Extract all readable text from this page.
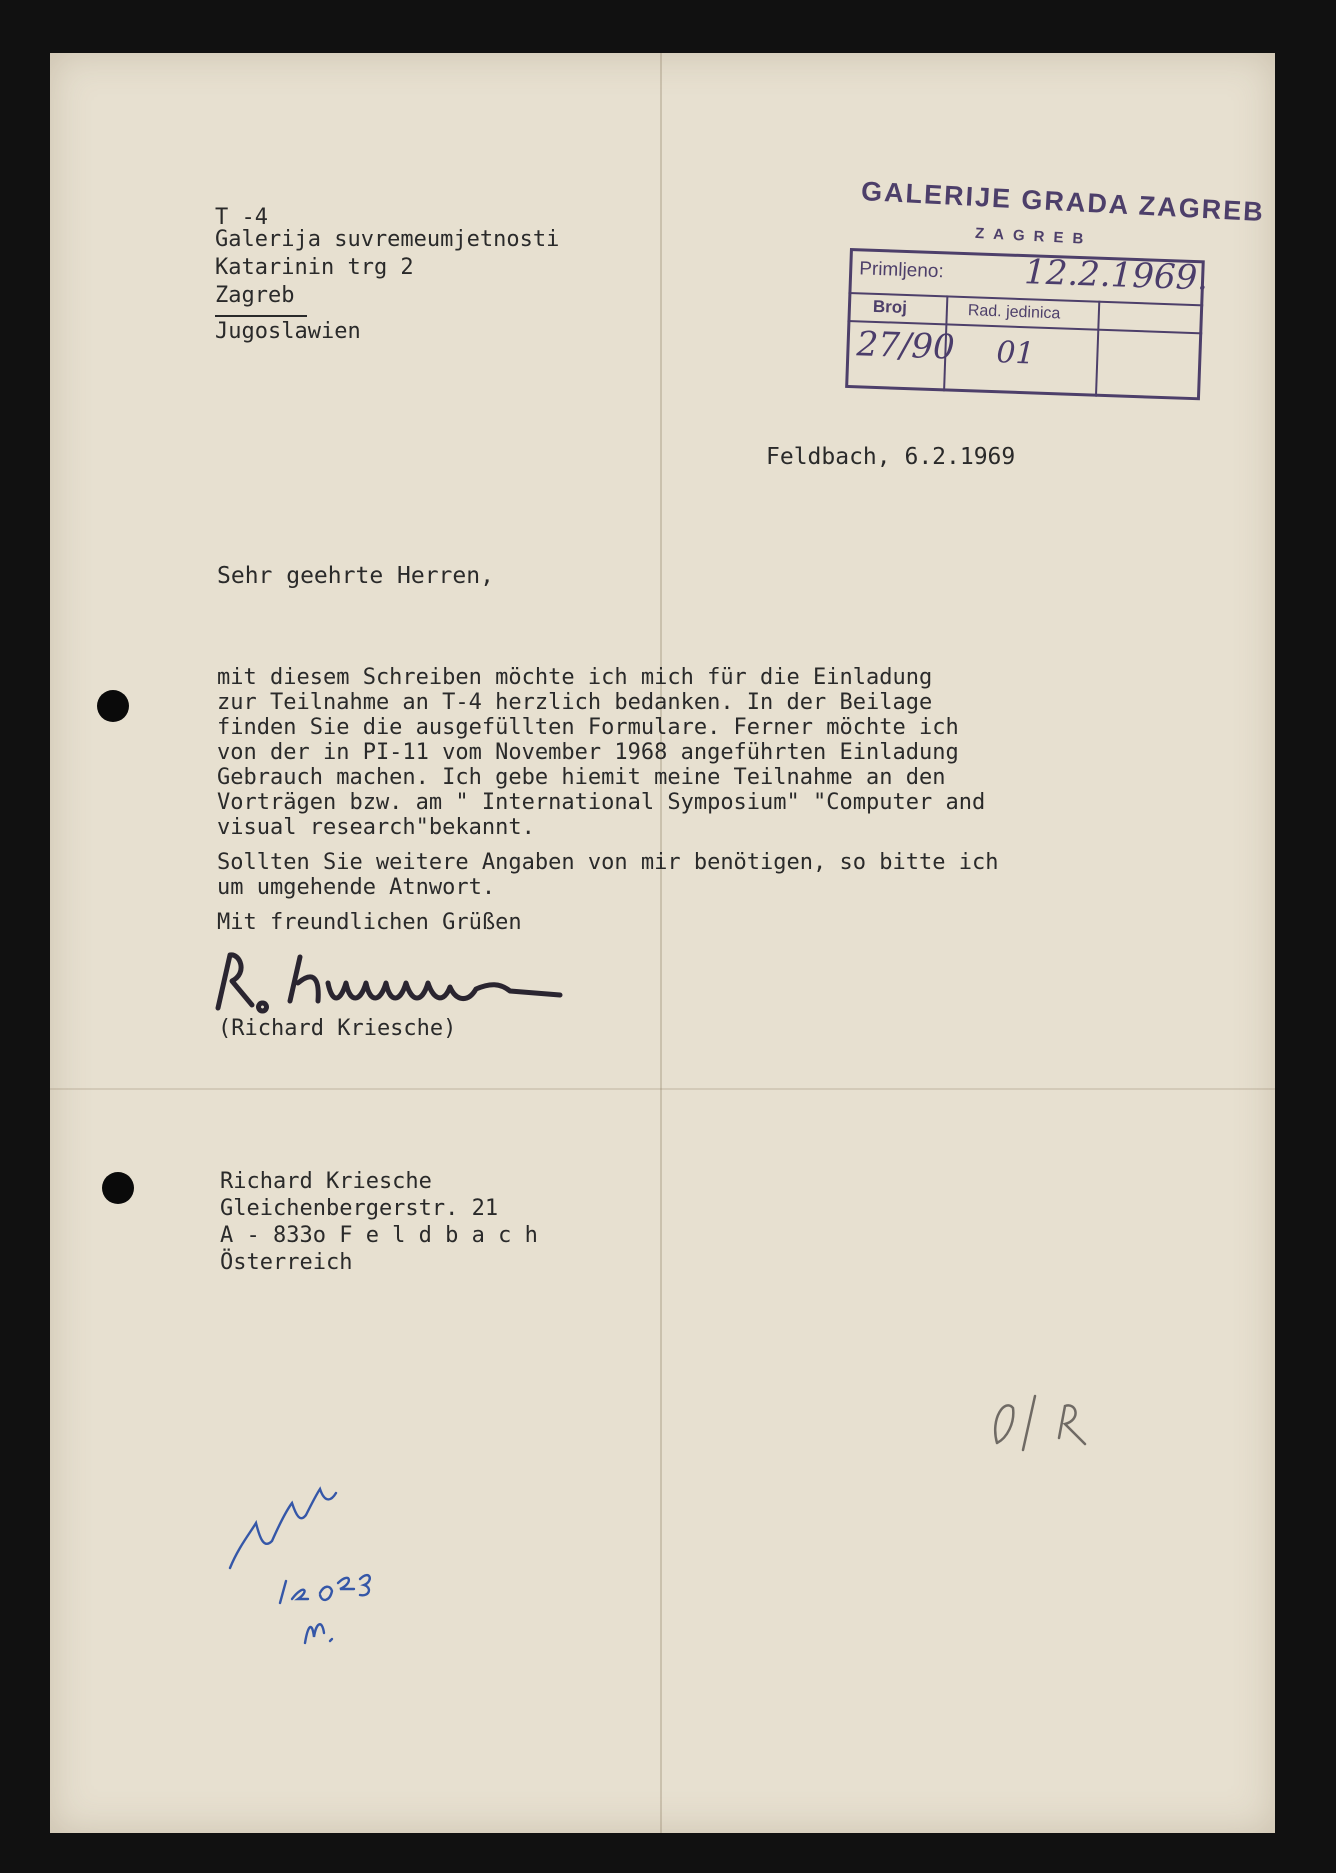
T -4
Galerija suvremeumjetnosti
Katarinin trg 2
Zagreb
Jugoslawien
GALERIJE GRADA ZAGREB
ZAGREB
Primljeno: 12.2.1969.
Broj	Rad. jedinica
27/90 01
Feldbach, 6.2.1969
Sehr geehrte Herren,
mit diesem Schreiben möchte ich mich für die Einladung
zur Teilnahme an T-4 herzlich bedanken. In der Beilage
finden Sie die ausgefüllten Formulare. Ferner möchte ich
von der in PI-11 vom November 1968 angeführten Einladung
Gebrauch machen. Ich gebe hiemit meine Teilnahme an den
Vorträgen bzw. am " International Symposium" "Computer and
visual research"bekannt.
Sollten Sie weitere Angaben von mir benötigen, so bitte ich
um umgehende Atnwort.
Mit freundlichen Grüßen
(Richard Kriesche)
Richard Kriesche
Gleichenbergerstr. 21
A - 833o F e l d b a c h
Österreich
